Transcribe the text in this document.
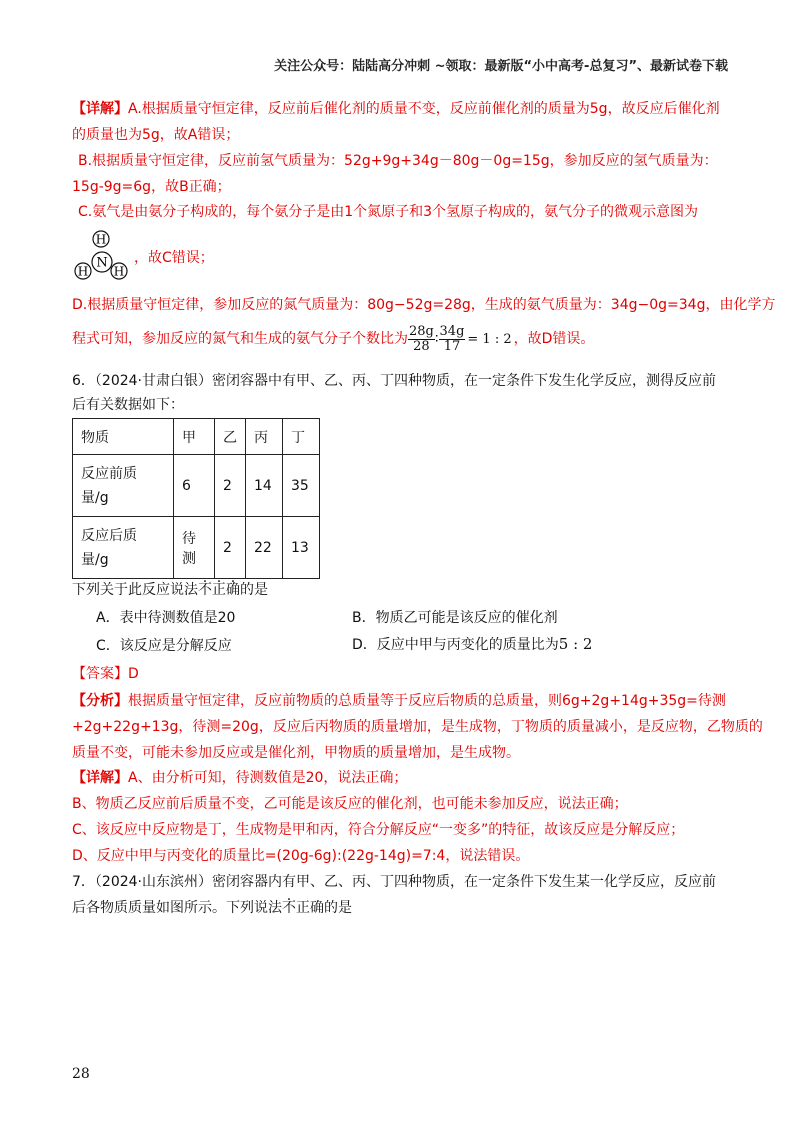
关注公众号：陆陆高分冲刺 ~领取：最新版“小中高考-总复习”、最新试卷下载
【详解】A.根据质量守恒定律，反应前后催化剂的质量不变，反应前催化剂的质量为5g，故反应后催化剂
的质量也为5g，故A错误；
B.根据质量守恒定律，反应前氢气质量为：52g+9g+34g－80g－0g=15g，参加反应的氢气质量为：
15g-9g=6g，故B正确；
C.氨气是由氨分子构成的，每个氨分子是由1个氮原子和3个氢原子构成的，氨气分子的微观示意图为
N
H
H H
，故C错误；
D.根据质量守恒定律，参加反应的氮气质量为：80g−52g=28g，生成的氨气质量为：34g−0g=34g，由化学方
程式可知，参加反应的氮气和生成的氨气分子个数比为 $\frac{28g}{28}$ ∶ $\frac{34g}{17} = 1$ : 2 ，故D错误。
6．（2024·甘肃白银）密闭容器中有甲、乙、丙、丁四种物质，在一定条件下发生化学反应，测得反应前
后有关数据如下：
物质	甲	乙	丙	丁

反应前质
量/g	6	2	14	35

反应后质
量/g	待测	2	22	13
下列关于此反应说法不正确的是
A．表中待测数值是20	B．物质乙可能是该反应的催化剂
C．该反应是分解反应	D．反应中甲与丙变化的质量比为5 : 2
【答案】D
【分析】根据质量守恒定律，反应前物质的总质量等于反应后物质的总质量，则6g+2g+14g+35g=待测
+2g+22g+13g，待测=20g，反应后丙物质的质量增加，是生成物，丁物质的质量减小，是反应物，乙物质的
质量不变，可能未参加反应或是催化剂，甲物质的质量增加，是生成物。
【详解】A、由分析可知，待测数值是20，说法正确；
B、物质乙反应前后质量不变，乙可能是该反应的催化剂，也可能未参加反应，说法正确；
C、该反应中反应物是丁，生成物是甲和丙，符合分解反应“一变多”的特征，故该反应是分解反应；
D、反应中甲与丙变化的质量比=(20g-6g):(22g-14g)=7:4，说法错误。
7．（2024·山东滨州）密闭容器内有甲、乙、丙、丁四种物质，在一定条件下发生某一化学反应，反应前
后各物质质量如图所示。下列说法不正确的是
28
